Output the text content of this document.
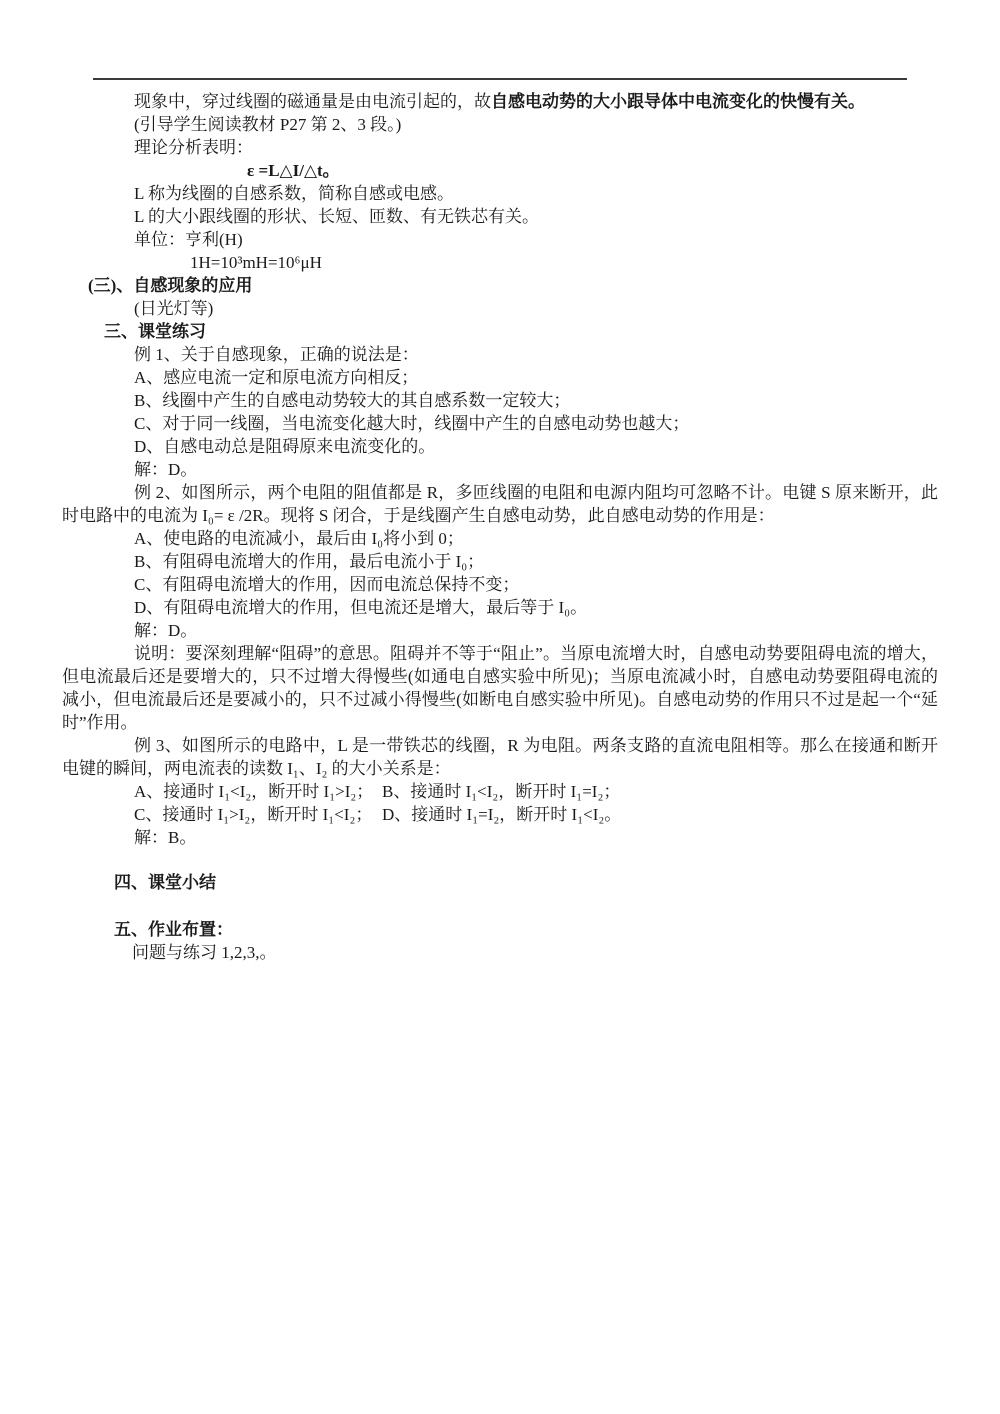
现象中，穿过线圈的磁通量是由电流引起的，故自感电动势的大小跟导体中电流变化的快慢有关。
(引导学生阅读教材 P27 第 2、3 段。)
理论分析表明：
ε =L△I/△t。
L 称为线圈的自感系数，简称自感或电感。
L 的大小跟线圈的形状、长短、匝数、有无铁芯有关。
单位：亨利(H)
1H=10³mH=10⁶μH
(三)、自感现象的应用
(日光灯等)
三、课堂练习
例 1、关于自感现象，正确的说法是：
A、感应电流一定和原电流方向相反；
B、线圈中产生的自感电动势较大的其自感系数一定较大；
C、对于同一线圈，当电流变化越大时，线圈中产生的自感电动势也越大；
D、自感电动总是阻碍原来电流变化的。
解：D。
例 2、如图所示，两个电阻的阻值都是 R，多匝线圈的电阻和电源内阻均可忽略不计。电键 S 原来断开，此时电路中的电流为 I₀= ε /2R。现将 S 闭合，于是线圈产生自感电动势，此自感电动势的作用是：
A、使电路的电流减小，最后由 I₀将小到 0；
B、有阻碍电流增大的作用，最后电流小于 I₀；
C、有阻碍电流增大的作用，因而电流总保持不变；
D、有阻碍电流增大的作用，但电流还是增大，最后等于 I₀。
解：D。
说明：要深刻理解“阻碍”的意思。阻碍并不等于“阻止”。当原电流增大时，自感电动势要阻碍电流的增大，但电流最后还是要增大的，只不过增大得慢些(如通电自感实验中所见)；当原电流减小时，自感电动势要阻碍电流的减小，但电流最后还是要减小的，只不过减小得慢些(如断电自感实验中所见)。自感电动势的作用只不过是起一个“延时”作用。
例 3、如图所示的电路中，L 是一带铁芯的线圈，R 为电阻。两条支路的直流电阻相等。那么在接通和断开电键的瞬间，两电流表的读数 I₁、I₂ 的大小关系是：
A、接通时 I₁<I₂，断开时 I₁>I₂； B、接通时 I₁<I₂，断开时 I₁=I₂；
C、接通时 I₁>I₂，断开时 I₁<I₂； D、接通时 I₁=I₂，断开时 I₁<I₂。
解：B。
四、课堂小结
五、作业布置：
问题与练习 1,2,3,。
